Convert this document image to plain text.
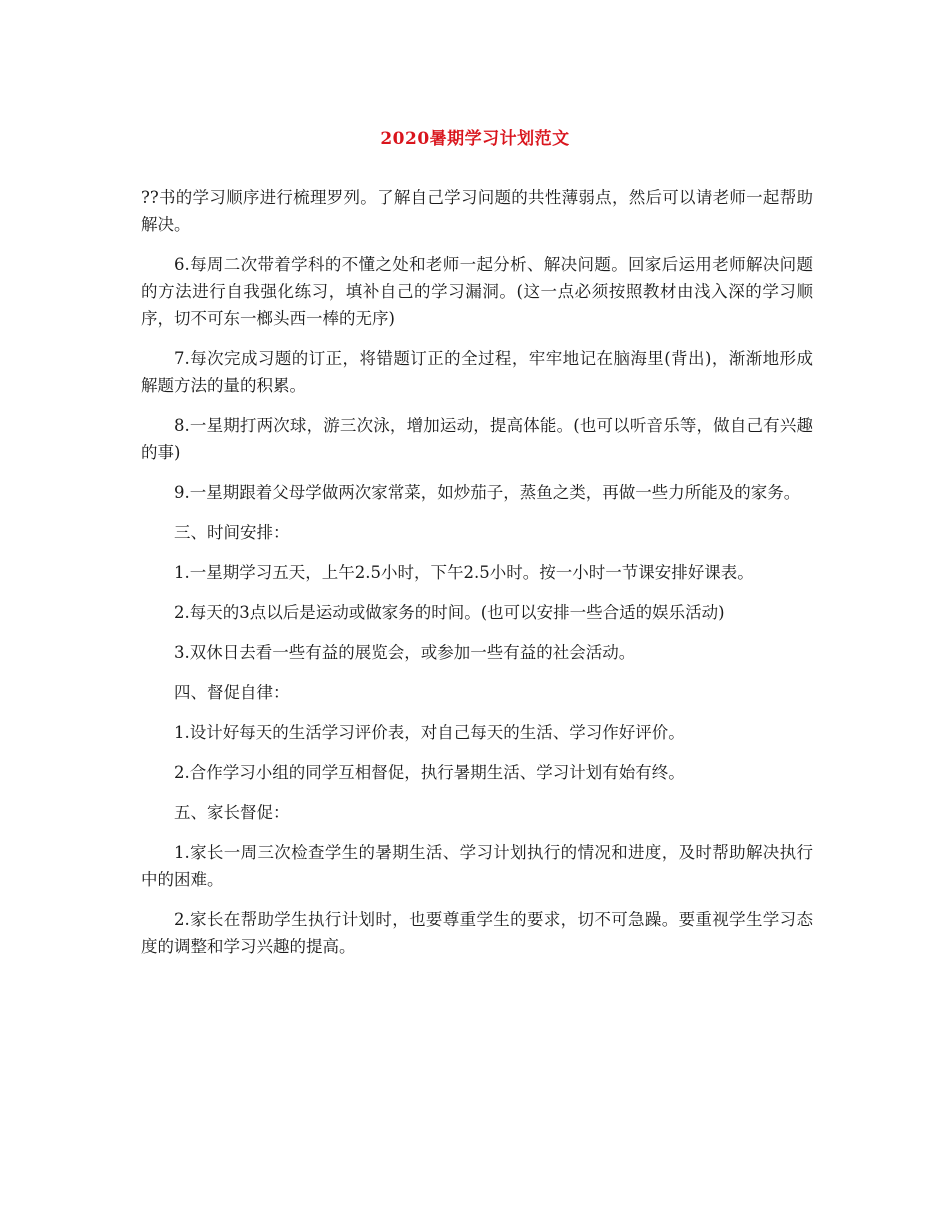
2020暑期学习计划范文

??书的学习顺序进行梳理罗列。了解自己学习问题的共性薄弱点，然后可以请老师一起帮助解决。

6.每周二次带着学科的不懂之处和老师一起分析、解决问题。回家后运用老师解决问题的方法进行自我强化练习，填补自己的学习漏洞。(这一点必须按照教材由浅入深的学习顺序，切不可东一榔头西一棒的无序)

7.每次完成习题的订正，将错题订正的全过程，牢牢地记在脑海里(背出)，渐渐地形成解题方法的量的积累。

8.一星期打两次球，游三次泳，增加运动，提高体能。(也可以听音乐等，做自己有兴趣的事)

9.一星期跟着父母学做两次家常菜，如炒茄子，蒸鱼之类，再做一些力所能及的家务。

三、时间安排：

1.一星期学习五天，上午2.5小时，下午2.5小时。按一小时一节课安排好课表。

2.每天的3点以后是运动或做家务的时间。(也可以安排一些合适的娱乐活动)

3.双休日去看一些有益的展览会，或参加一些有益的社会活动。

四、督促自律：

1.设计好每天的生活学习评价表，对自己每天的生活、学习作好评价。

2.合作学习小组的同学互相督促，执行暑期生活、学习计划有始有终。

五、家长督促：

1.家长一周三次检查学生的暑期生活、学习计划执行的情况和进度，及时帮助解决执行中的困难。

2.家长在帮助学生执行计划时，也要尊重学生的要求，切不可急躁。要重视学生学习态度的调整和学习兴趣的提高。
